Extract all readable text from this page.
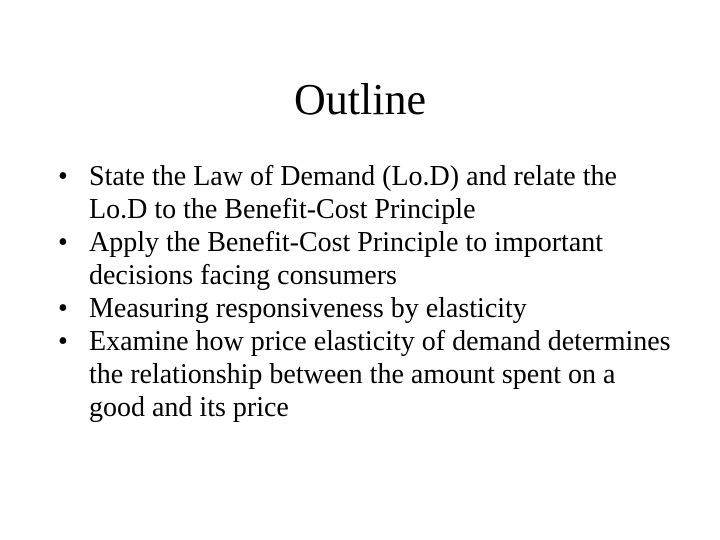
Outline
• State the Law of Demand (Lo.D) and relate the Lo.D to the Benefit-Cost Principle
• Apply the Benefit-Cost Principle to important decisions facing consumers
• Measuring responsiveness by elasticity
• Examine how price elasticity of demand determines the relationship between the amount spent on a good and its price
